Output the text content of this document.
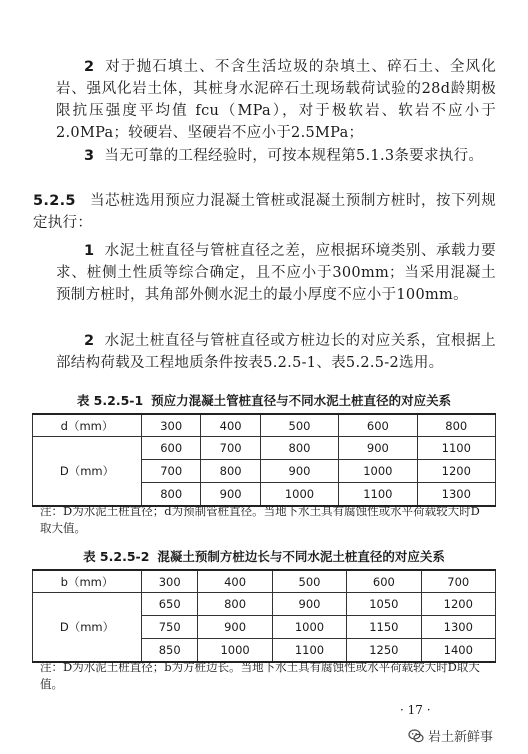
2 对于抛石填土、不含生活垃圾的杂填土、碎石土、全风化岩、强风化岩土体，其桩身水泥碎石土现场载荷试验的28d龄期极限抗压强度平均值 fcu（MPa），对于极软岩、软岩不应小于2.0MPa；较硬岩、坚硬岩不应小于2.5MPa；
3 当无可靠的工程经验时，可按本规程第5.1.3条要求执行。
5.2.5 当芯桩选用预应力混凝土管桩或混凝土预制方桩时，按下列规定执行：
1 水泥土桩直径与管桩直径之差，应根据环境类别、承载力要求、桩侧土性质等综合确定，且不应小于300mm；当采用混凝土预制方桩时，其角部外侧水泥土的最小厚度不应小于100mm。
2 水泥土桩直径与管桩直径或方桩边长的对应关系，宜根据上部结构荷载及工程地质条件按表5.2.5-1、表5.2.5-2选用。
表 5.2.5-1 预应力混凝土管桩直径与不同水泥土桩直径的对应关系
d（mm）	300	400	500	600	800
D（mm）	600	700	800	900	1100
	700	800	900	1000	1200
	800	900	1000	1100	1300
注：D为水泥土桩直径；d为预制管桩直径。当地下水土具有腐蚀性或水平荷载较大时D取大值。
表 5.2.5-2 混凝土预制方桩边长与不同水泥土桩直径的对应关系
b（mm）	300	400	500	600	700
D（mm）	650	800	900	1050	1200
	750	900	1000	1150	1300
	850	1000	1100	1250	1400
注：D为水泥土桩直径；b为方桩边长。当地下水土具有腐蚀性或水平荷载较大时D取大值。
· 17 ·
岩土新鲜事
